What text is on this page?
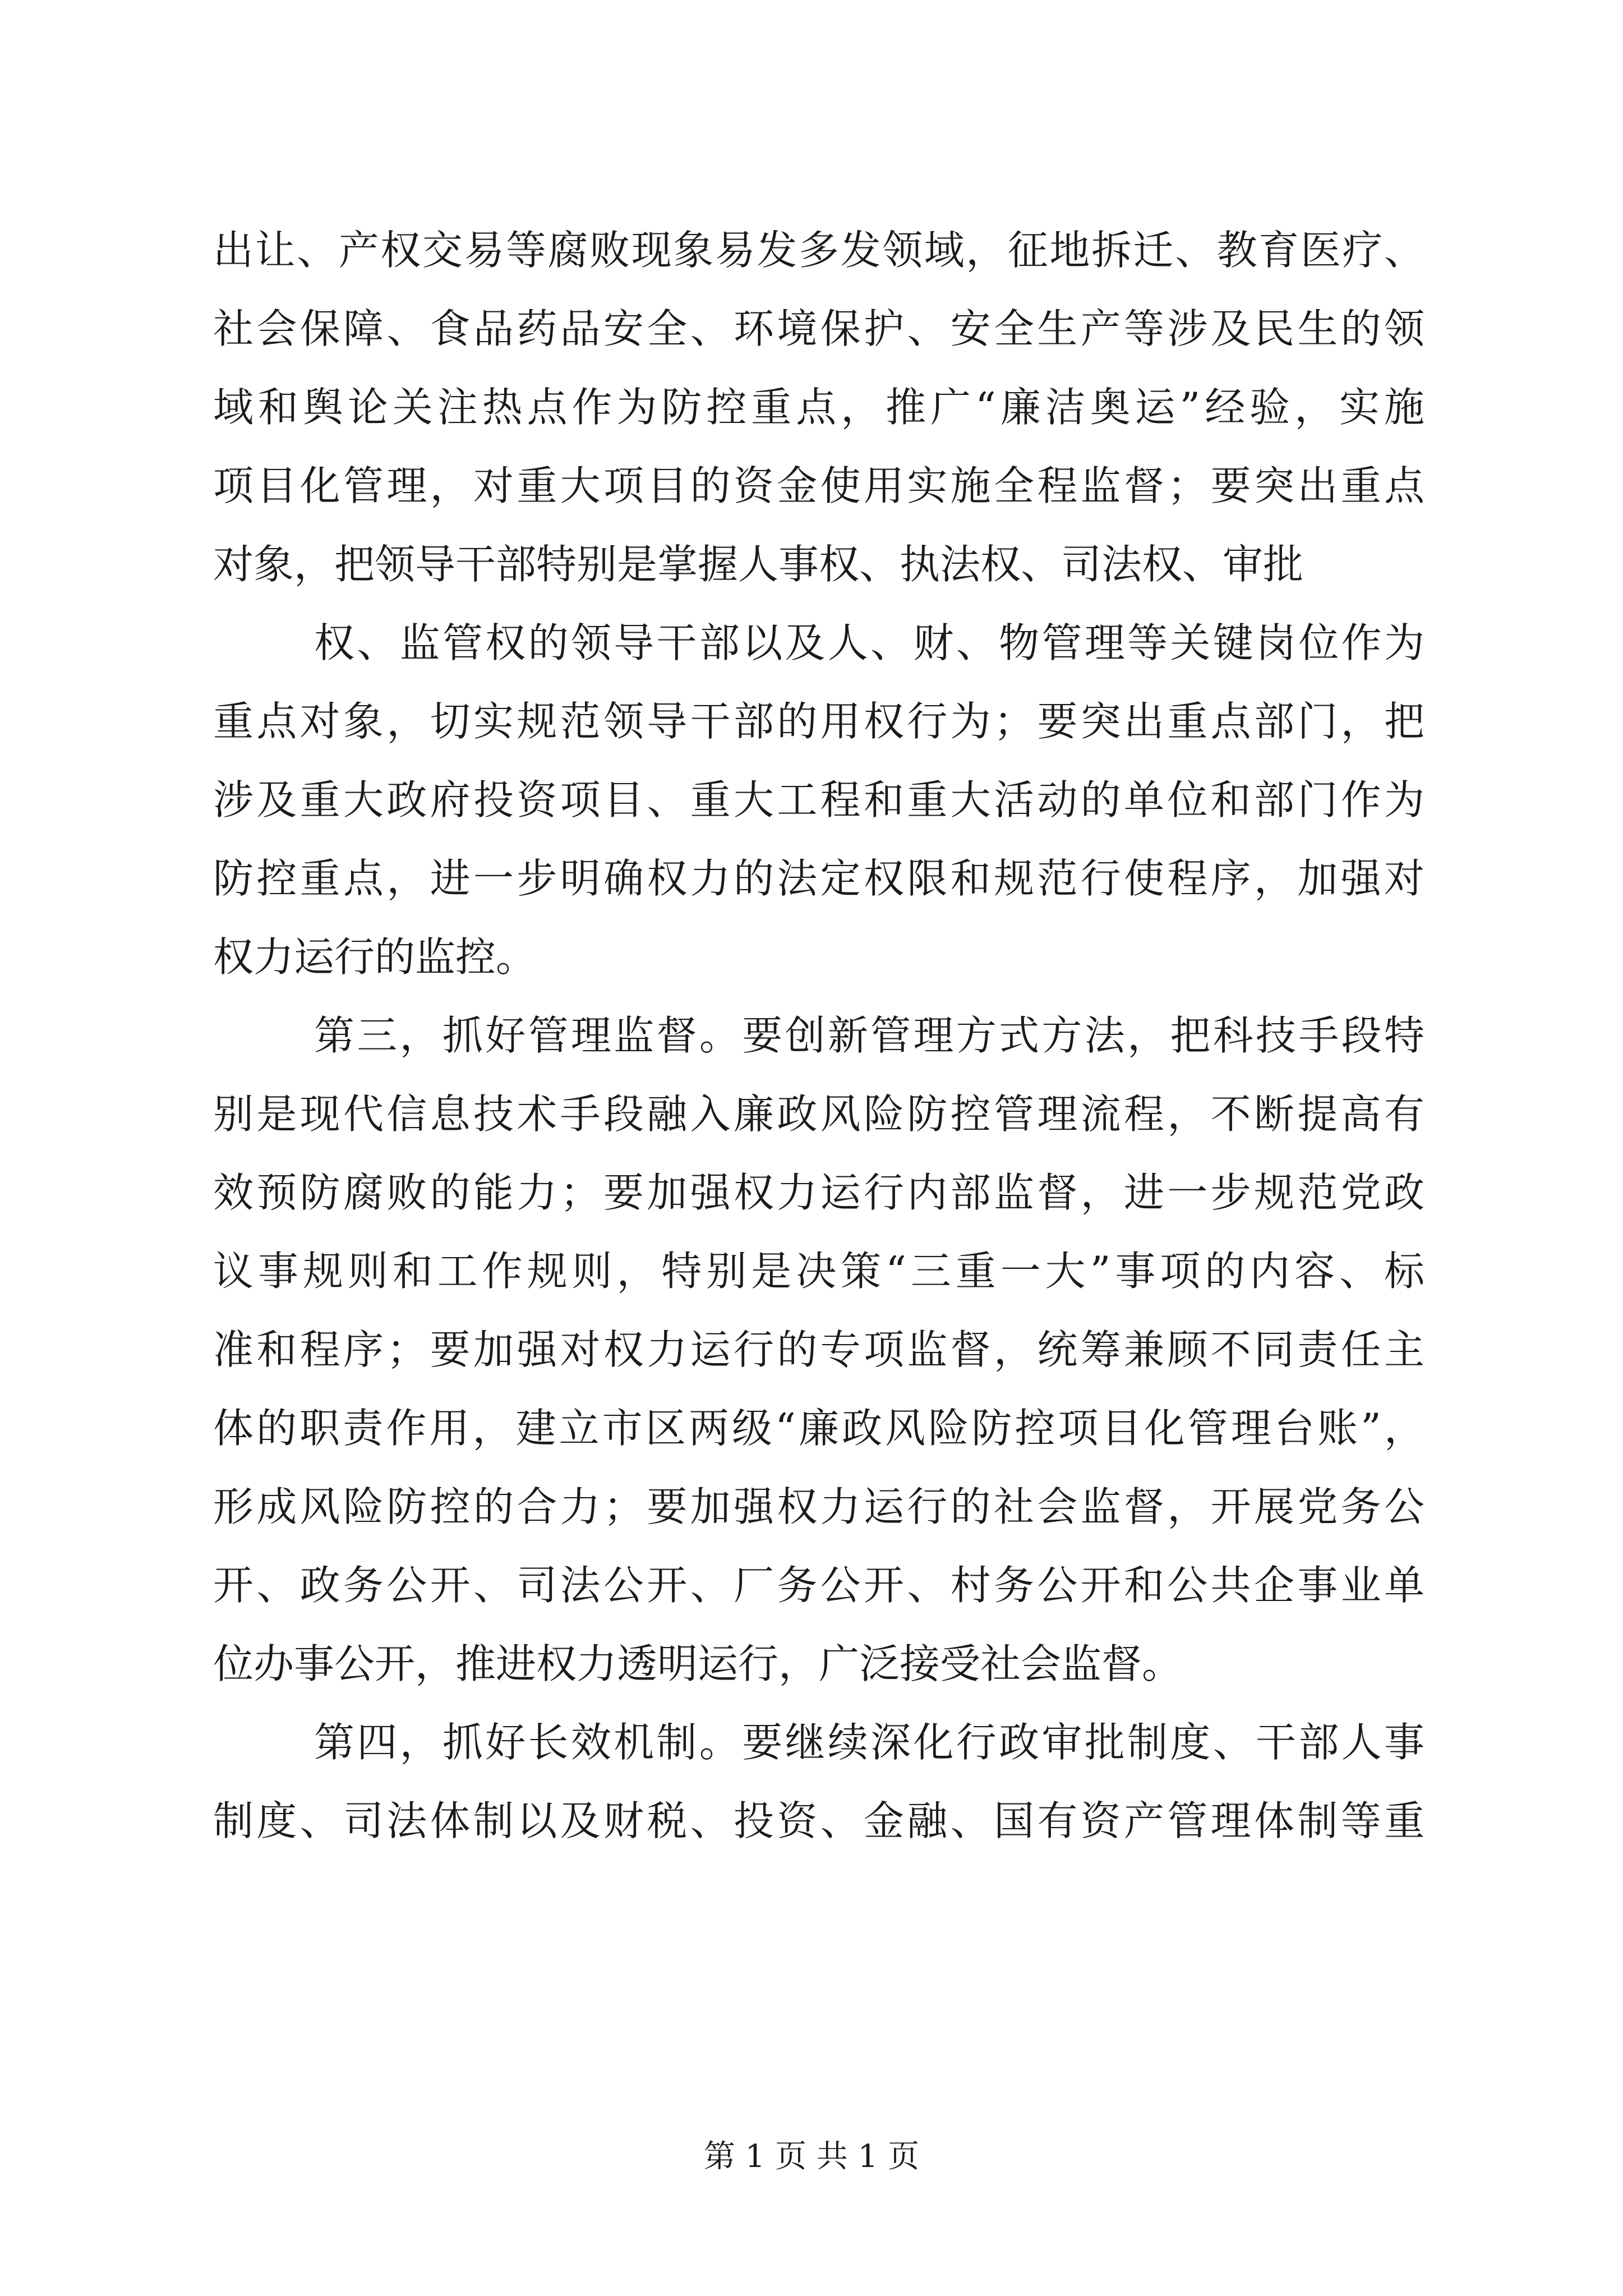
出让、产权交易等腐败现象易发多发领域，征地拆迁、教育医疗、
社会保障、食品药品安全、环境保护、安全生产等涉及民生的领
域和舆论关注热点作为防控重点，推广“廉洁奥运”经验，实施
项目化管理，对重大项目的资金使用实施全程监督；要突出重点
对象，把领导干部特别是掌握人事权、执法权、司法权、审批
权、监管权的领导干部以及人、财、物管理等关键岗位作为
重点对象，切实规范领导干部的用权行为；要突出重点部门，把
涉及重大政府投资项目、重大工程和重大活动的单位和部门作为
防控重点，进一步明确权力的法定权限和规范行使程序，加强对
权力运行的监控。
第三，抓好管理监督。要创新管理方式方法，把科技手段特
别是现代信息技术手段融入廉政风险防控管理流程，不断提高有
效预防腐败的能力；要加强权力运行内部监督，进一步规范党政
议事规则和工作规则，特别是决策“三重一大”事项的内容、标
准和程序；要加强对权力运行的专项监督，统筹兼顾不同责任主
体的职责作用，建立市区两级“廉政风险防控项目化管理台账”，
形成风险防控的合力；要加强权力运行的社会监督，开展党务公
开、政务公开、司法公开、厂务公开、村务公开和公共企事业单
位办事公开，推进权力透明运行，广泛接受社会监督。
第四，抓好长效机制。要继续深化行政审批制度、干部人事
制度、司法体制以及财税、投资、金融、国有资产管理体制等重
第 1 页 共 1 页
